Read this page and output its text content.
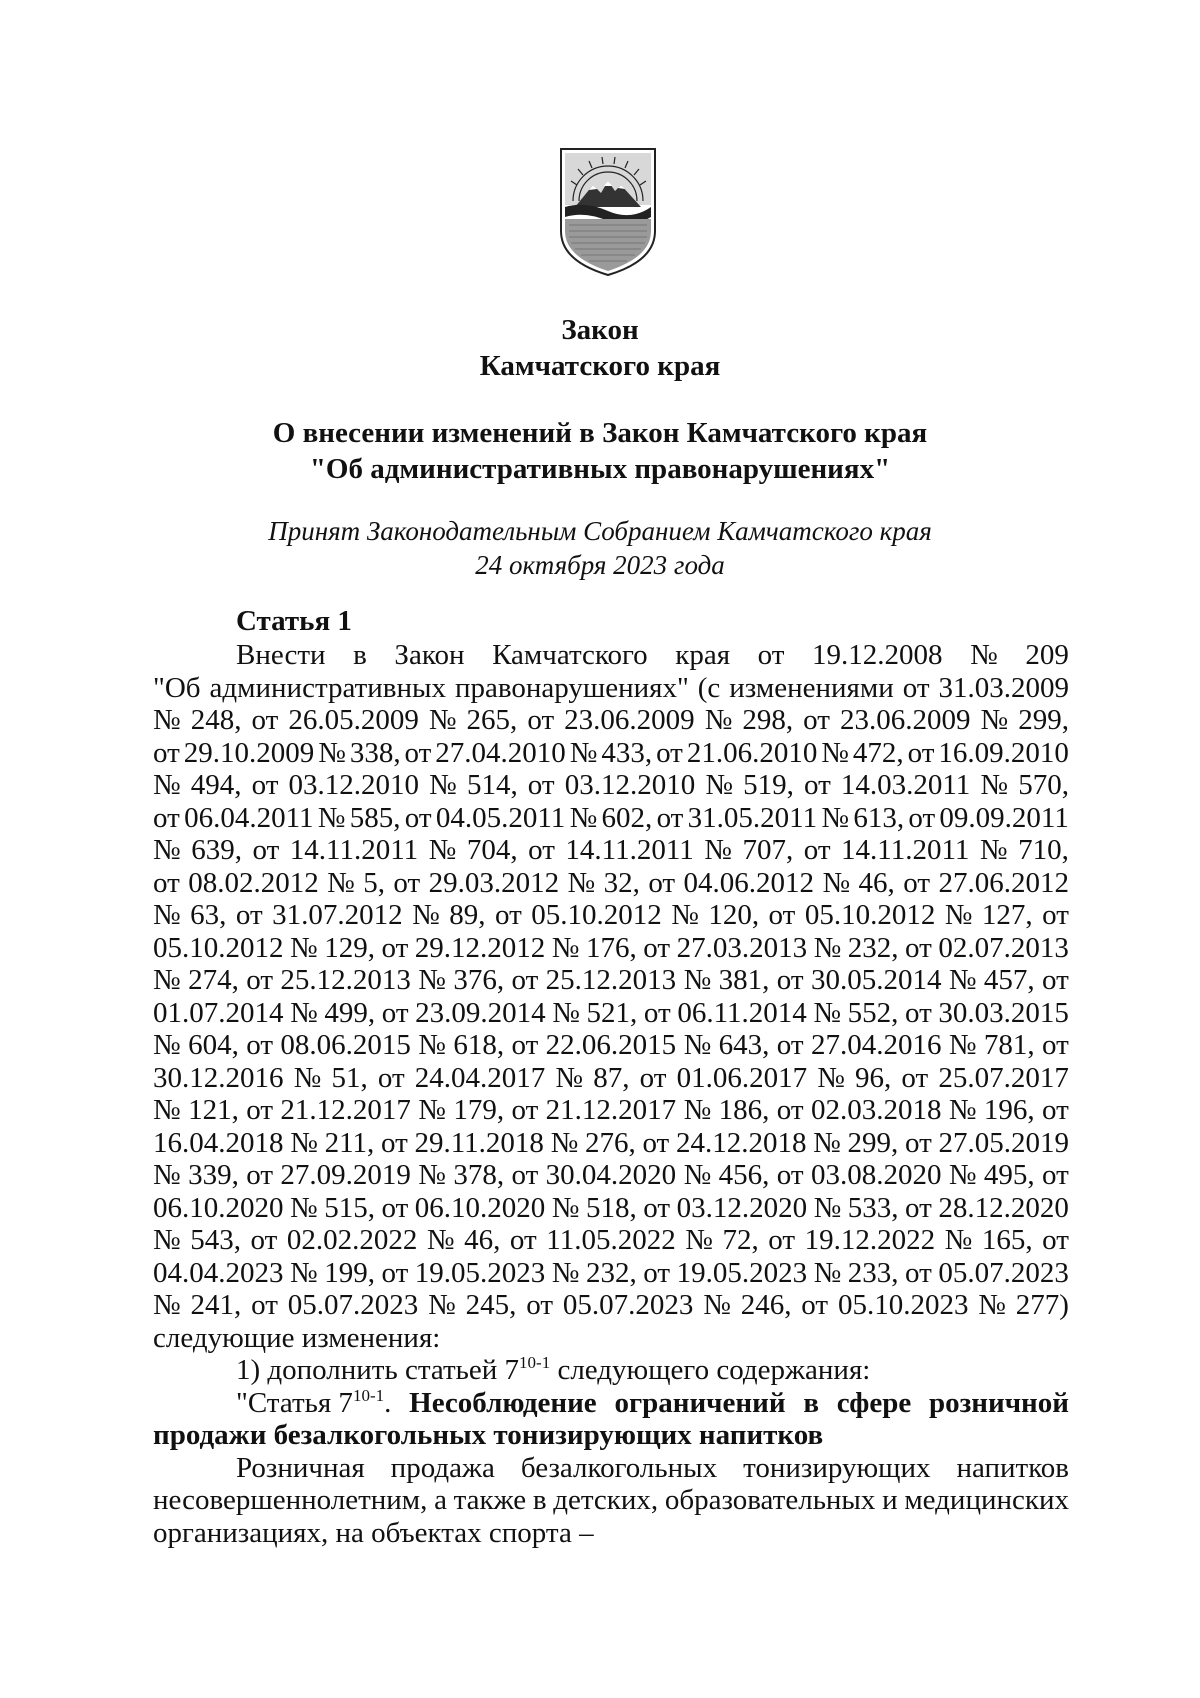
Закон
Камчатского края
О внесении изменений в Закон Камчатского края
"Об административных правонарушениях"
Принят Законодательным Собранием Камчатского края
24 октября 2023 года
Статья 1
Внести в Закон Камчатского края от 19.12.2008 № 209
"Об административных правонарушениях" (с изменениями от 31.03.2009
№ 248, от 26.05.2009 № 265, от 23.06.2009 № 298, от 23.06.2009 № 299,
от 29.10.2009 № 338, от 27.04.2010 № 433, от 21.06.2010 № 472, от 16.09.2010
№ 494, от 03.12.2010 № 514, от 03.12.2010 № 519, от 14.03.2011 № 570,
от 06.04.2011 № 585, от 04.05.2011 № 602, от 31.05.2011 № 613, от 09.09.2011
№ 639, от 14.11.2011 № 704, от 14.11.2011 № 707, от 14.11.2011 № 710,
от 08.02.2012 № 5, от 29.03.2012 № 32, от 04.06.2012 № 46, от 27.06.2012
№ 63, от 31.07.2012 № 89, от 05.10.2012 № 120, от 05.10.2012 № 127, от
05.10.2012 № 129, от 29.12.2012 № 176, от 27.03.2013 № 232, от 02.07.2013
№ 274, от 25.12.2013 № 376, от 25.12.2013 № 381, от 30.05.2014 № 457, от
01.07.2014 № 499, от 23.09.2014 № 521, от 06.11.2014 № 552, от 30.03.2015
№ 604, от 08.06.2015 № 618, от 22.06.2015 № 643, от 27.04.2016 № 781, от
30.12.2016 № 51, от 24.04.2017 № 87, от 01.06.2017 № 96, от 25.07.2017
№ 121, от 21.12.2017 № 179, от 21.12.2017 № 186, от 02.03.2018 № 196, от
16.04.2018 № 211, от 29.11.2018 № 276, от 24.12.2018 № 299, от 27.05.2019
№ 339, от 27.09.2019 № 378, от 30.04.2020 № 456, от 03.08.2020 № 495, от
06.10.2020 № 515, от 06.10.2020 № 518, от 03.12.2020 № 533, от 28.12.2020
№ 543, от 02.02.2022 № 46, от 11.05.2022 № 72, от 19.12.2022 № 165, от
04.04.2023 № 199, от 19.05.2023 № 232, от 19.05.2023 № 233, от 05.07.2023
№ 241, от 05.07.2023 № 245, от 05.07.2023 № 246, от 05.10.2023 № 277)
следующие изменения:
1) дополнить статьей 7$^{10-1}$ следующего содержания:
"Статья 7$^{10-1}$. Несоблюдение ограничений в сфере розничной
продажи безалкогольных тонизирующих напитков
Розничная продажа безалкогольных тонизирующих напитков
несовершеннолетним, а также в детских, образовательных и медицинских
организациях, на объектах спорта –
